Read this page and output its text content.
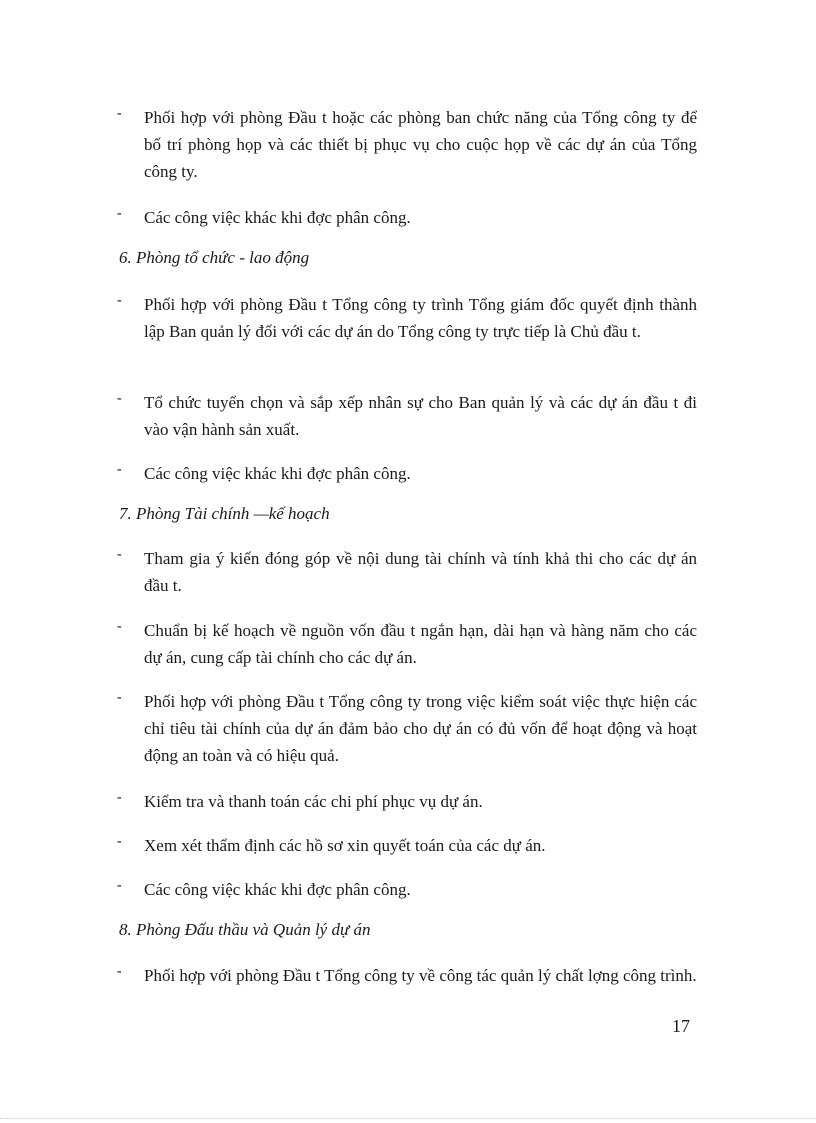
- Phối hợp với phòng Đầu t hoặc các phòng ban chức năng của Tổng công ty để bố trí phòng họp và các thiết bị phục vụ cho cuộc họp về các dự án của Tổng công ty.
- Các công việc khác khi đợc phân công.
6. Phòng tổ chức - lao động
- Phối hợp với phòng Đầu t Tổng công ty trình Tổng giám đốc quyết định thành lập Ban quản lý đối với các dự án do Tổng công ty trực tiếp là Chủ đầu t.
- Tổ chức tuyển chọn và sắp xếp nhân sự cho Ban quản lý và các dự án đầu t đi vào vận hành sản xuất.
- Các công việc khác khi đợc phân công.
7. Phòng Tài chính —kế hoạch
- Tham gia ý kiến đóng góp về nội dung tài chính và tính khả thi cho các dự án đầu t.
- Chuẩn bị kế hoạch về nguồn vốn đầu t ngắn hạn, dài hạn và hàng năm cho các dự án, cung cấp tài chính cho các dự án.
- Phối hợp với phòng Đầu t Tổng công ty trong việc kiểm soát việc thực hiện các chỉ tiêu tài chính của dự án đảm bảo cho dự án có đủ vốn để hoạt động và hoạt động an toàn và có hiệu quả.
- Kiểm tra và thanh toán các chi phí phục vụ dự án.
- Xem xét thẩm định các hồ sơ xin quyết toán của các dự án.
- Các công việc khác khi đợc phân công.
8. Phòng Đấu thầu và Quản lý dự án
- Phối hợp với phòng Đầu t Tổng công ty về công tác quản lý chất lợng công trình.
17
